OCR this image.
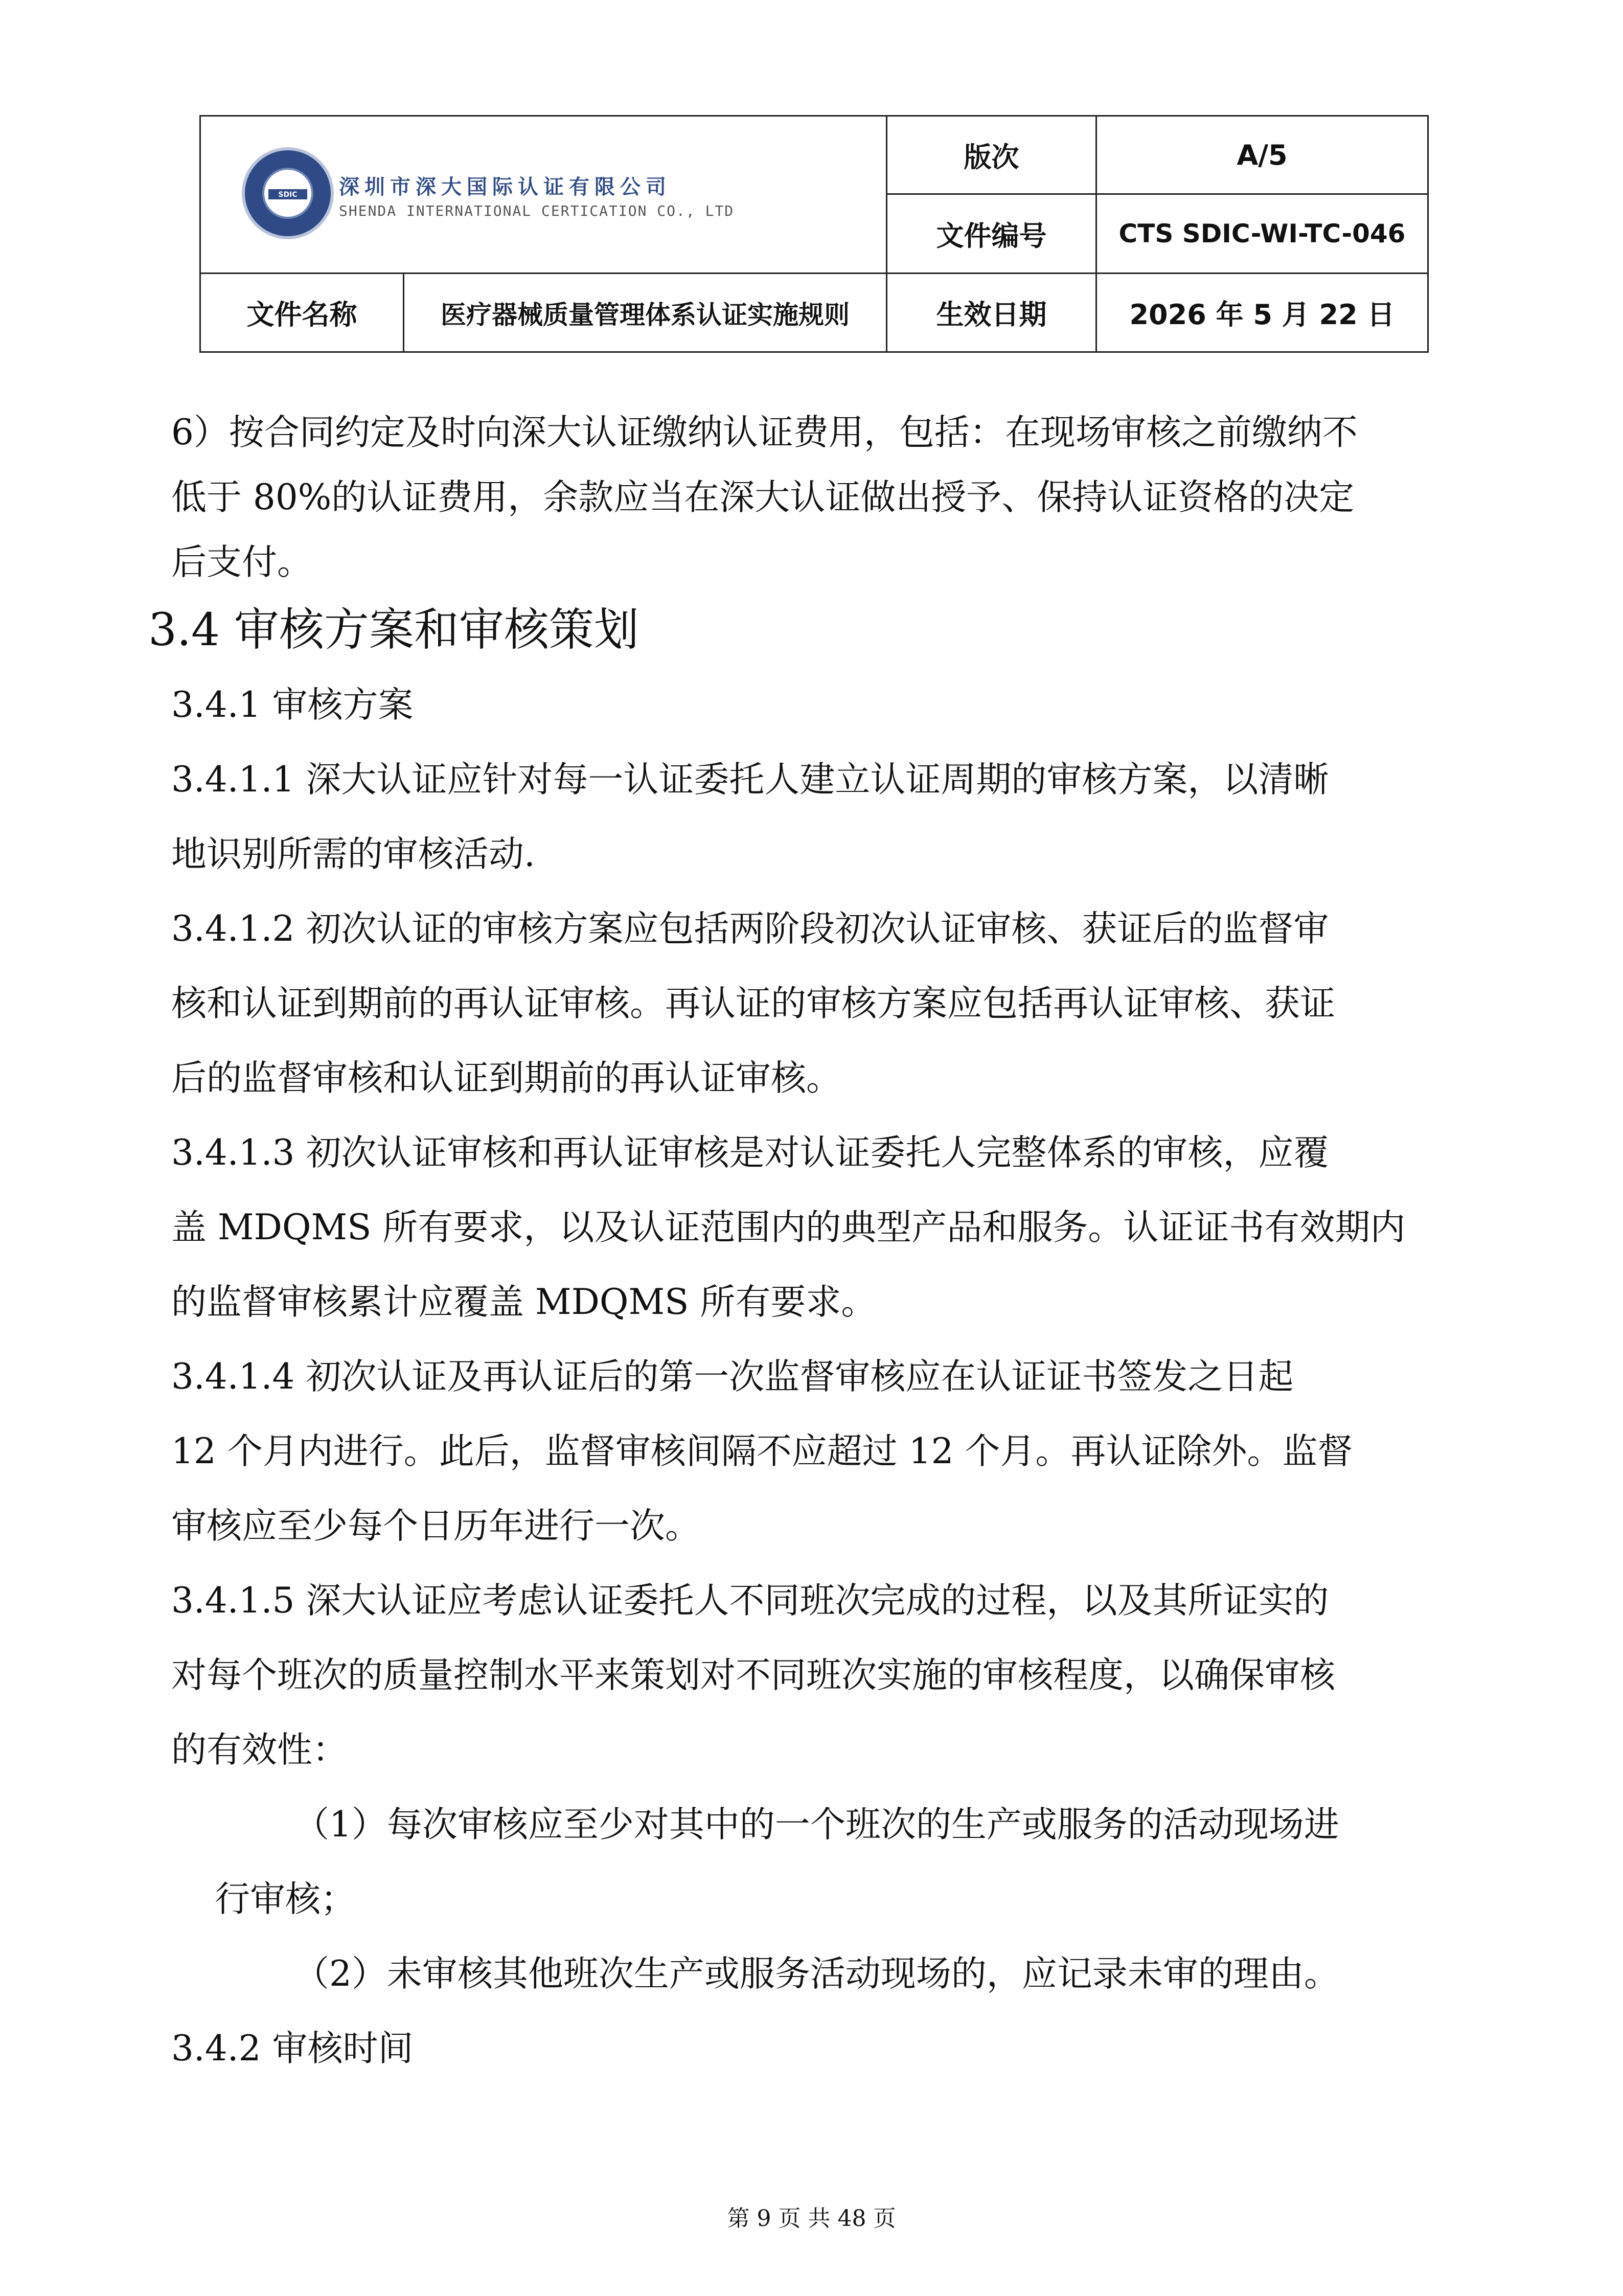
SDIC 深圳市深大国际认证有限公司
SHENDA INTERNATIONAL CERTICATION CO., LTD
版次	A/5
文件编号	CTS SDIC-WI-TC-046
文件名称	医疗器械质量管理体系认证实施规则	生效日期	2026 年 5 月 22 日
6）按合同约定及时向深大认证缴纳认证费用，包括：在现场审核之前缴纳不
低于 80%的认证费用，余款应当在深大认证做出授予、保持认证资格的决定
后支付。
3.4 审核方案和审核策划
3.4.1 审核方案
3.4.1.1 深大认证应针对每一认证委托人建立认证周期的审核方案，以清晰
地识别所需的审核活动.
3.4.1.2 初次认证的审核方案应包括两阶段初次认证审核、获证后的监督审
核和认证到期前的再认证审核。再认证的审核方案应包括再认证审核、获证
后的监督审核和认证到期前的再认证审核。
3.4.1.3 初次认证审核和再认证审核是对认证委托人完整体系的审核，应覆
盖 MDQMS 所有要求，以及认证范围内的典型产品和服务。认证证书有效期内
的监督审核累计应覆盖 MDQMS 所有要求。
3.4.1.4 初次认证及再认证后的第一次监督审核应在认证证书签发之日起
12 个月内进行。此后，监督审核间隔不应超过 12 个月。再认证除外。监督
审核应至少每个日历年进行一次。
3.4.1.5 深大认证应考虑认证委托人不同班次完成的过程，以及其所证实的
对每个班次的质量控制水平来策划对不同班次实施的审核程度，以确保审核
的有效性：
（1）每次审核应至少对其中的一个班次的生产或服务的活动现场进
行审核；
（2）未审核其他班次生产或服务活动现场的，应记录未审的理由。
3.4.2 审核时间
第 9 页 共 48 页
